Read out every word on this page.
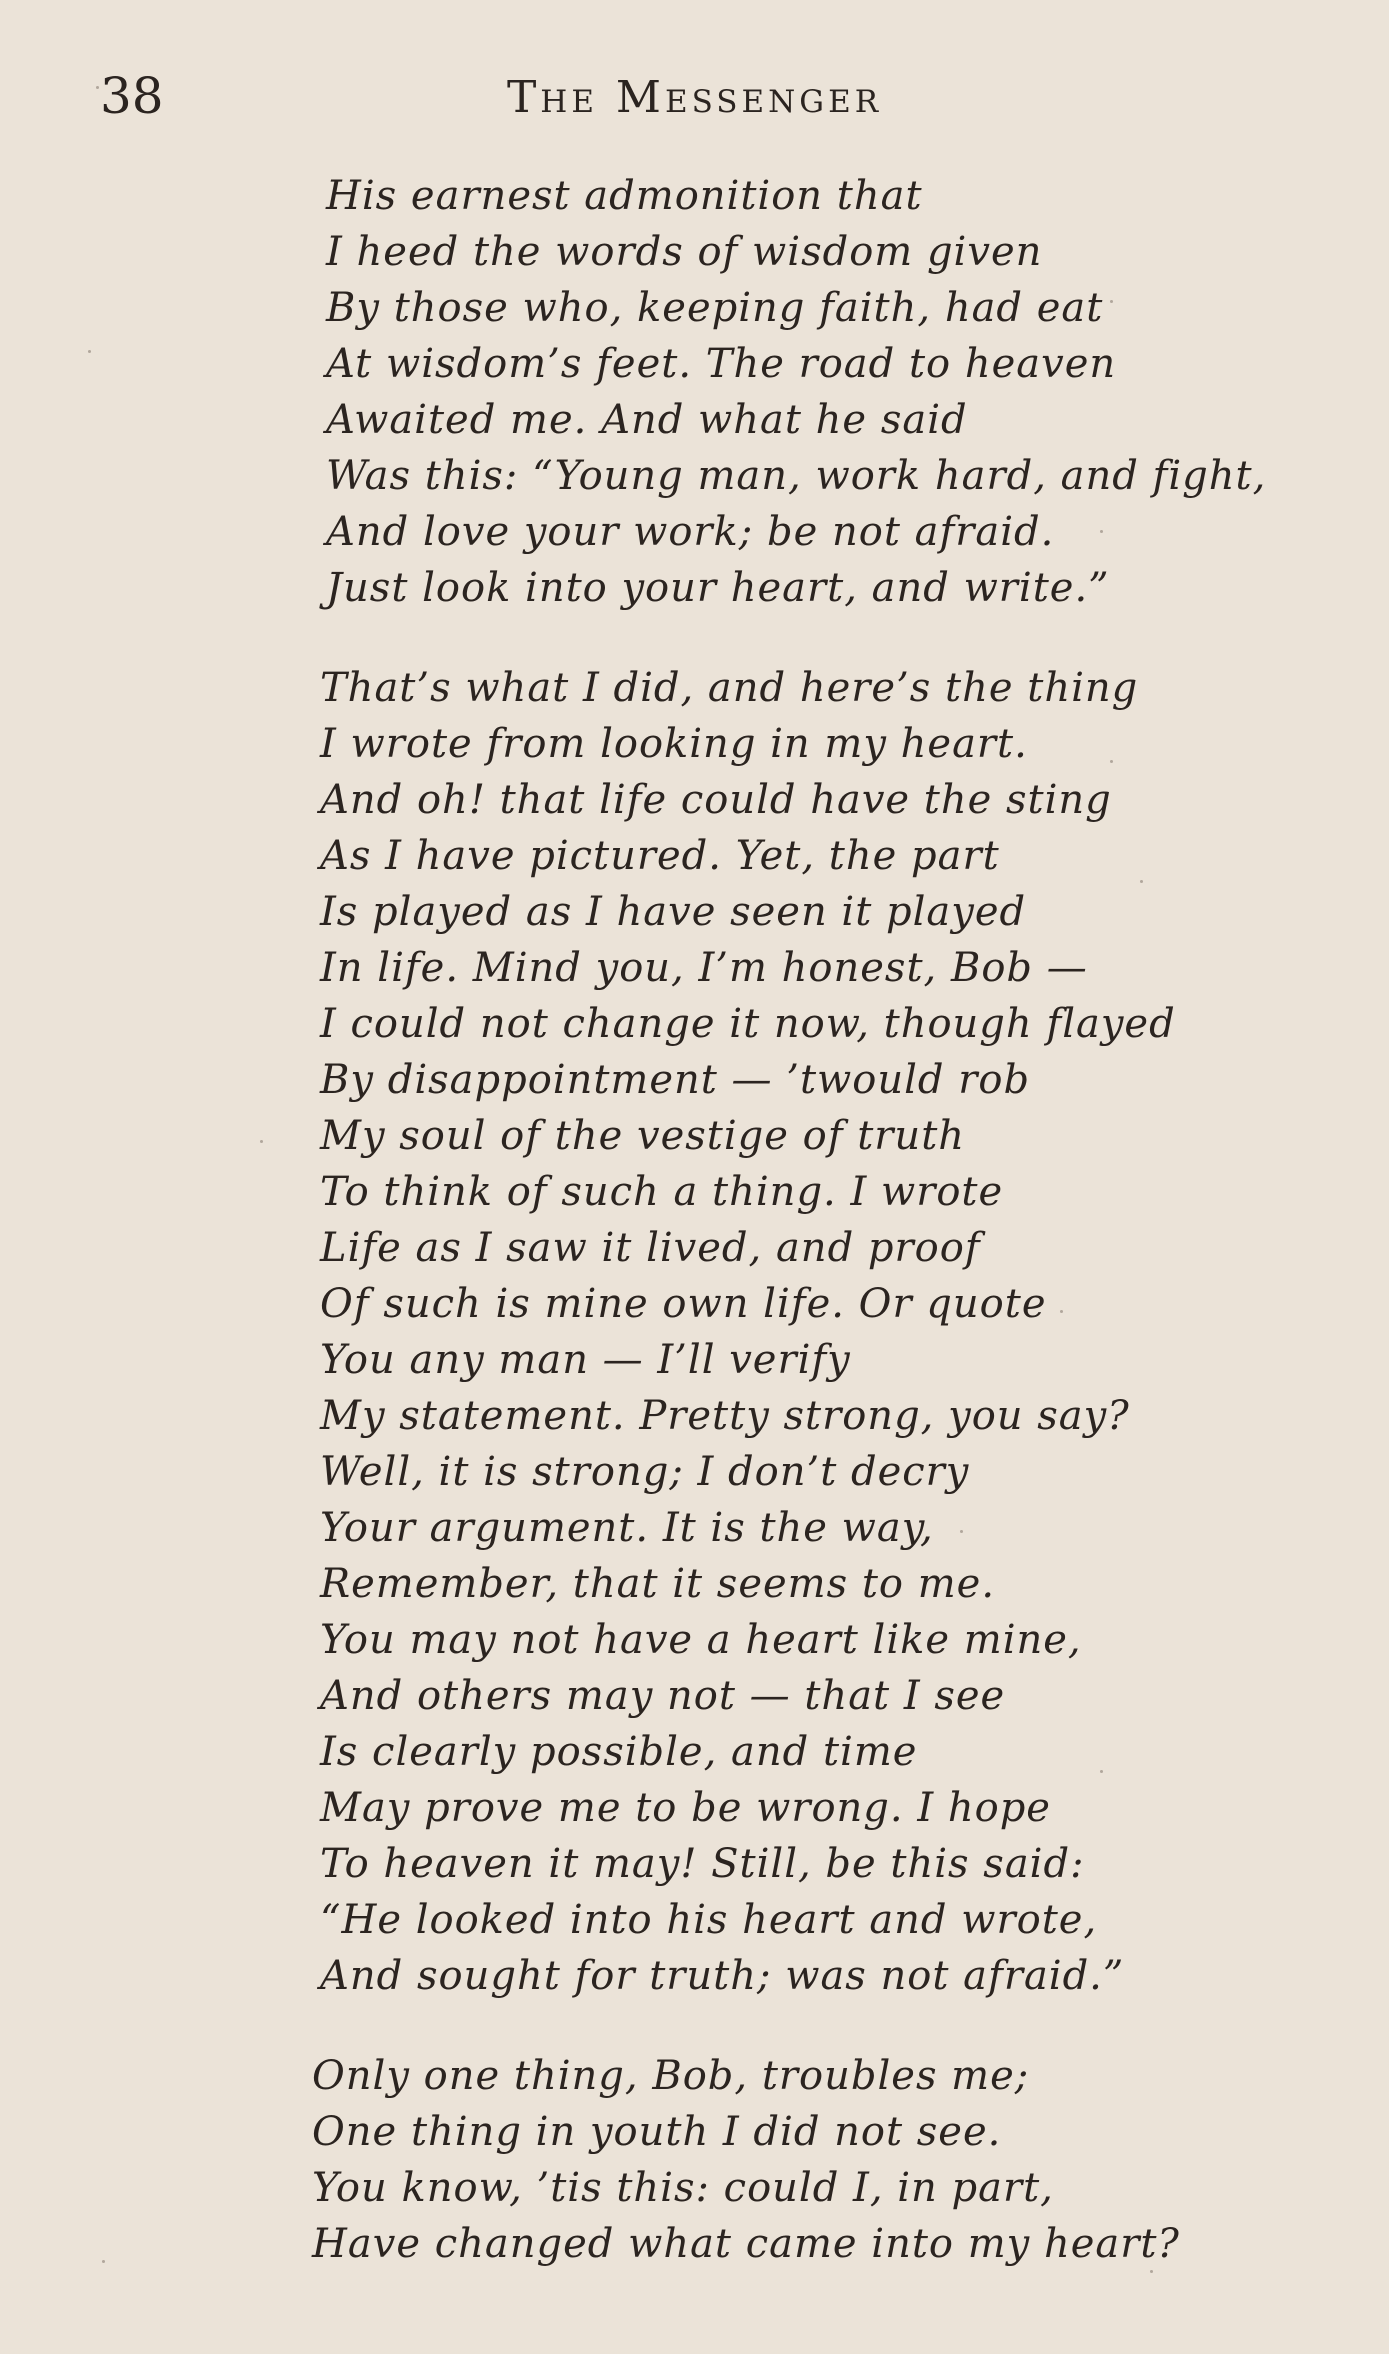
38	The Messenger
His earnest admonition that
I heed the words of wisdom given
By those who, keeping faith, had eat
At wisdom’s feet. The road to heaven
Awaited me. And what he said
Was this: “Young man, work hard, and fight,
And love your work; be not afraid.
Just look into your heart, and write.”
That’s what I did, and here’s the thing
I wrote from looking in my heart.
And oh! that life could have the sting
As I have pictured. Yet, the part
Is played as I have seen it played
In life. Mind you, I’m honest, Bob —
I could not change it now, though flayed
By disappointment — ’twould rob
My soul of the vestige of truth
To think of such a thing. I wrote
Life as I saw it lived, and proof
Of such is mine own life. Or quote
You any man — I’ll verify
My statement. Pretty strong, you say?
Well, it is strong; I don’t decry
Your argument. It is the way,
Remember, that it seems to me.
You may not have a heart like mine,
And others may not — that I see
Is clearly possible, and time
May prove me to be wrong. I hope
To heaven it may! Still, be this said:
“He looked into his heart and wrote,
And sought for truth; was not afraid.”
Only one thing, Bob, troubles me;
One thing in youth I did not see.
You know, ’tis this: could I, in part,
Have changed what came into my heart?
